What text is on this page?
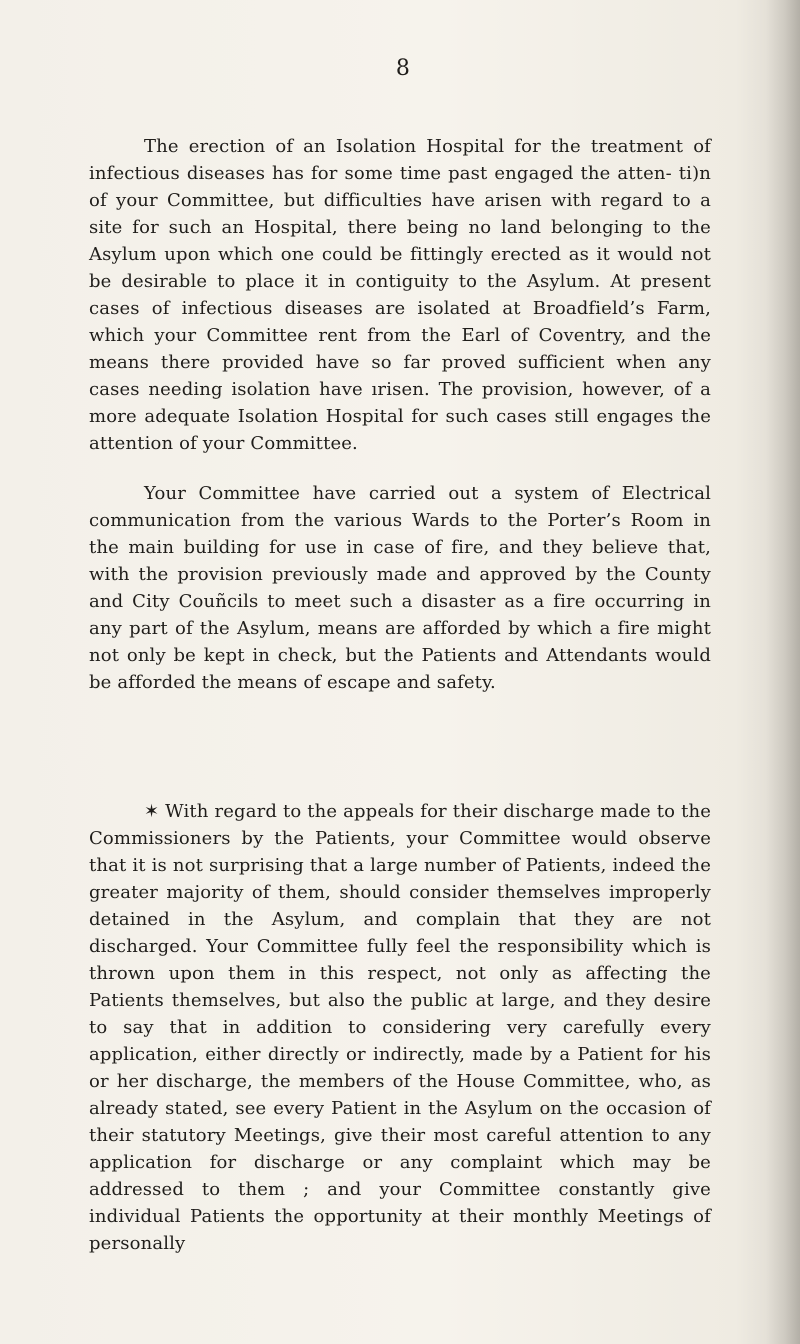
8

The erection of an Isolation Hospital for the treatment of infectious diseases has for some time past engaged the atten- ti)n of your Committee, but difficulties have arisen with regard to a site for such an Hospital, there being no land belonging to the Asylum upon which one could be fittingly erected as it would not be desirable to place it in contiguity to the Asylum. At present cases of infectious diseases are isolated at Broadfield’s Farm, which your Committee rent from the Earl of Coventry, and the means there provided have so far proved sufficient when any cases needing isolation have ırisen. The provision, however, of a more adequate Isolation Hospital for such cases still engages the attention of your Committee.

Your Committee have carried out a system of Electrical communication from the various Wards to the Porter’s Room in the main building for use in case of fire, and they believe that, with the provision previously made and approved by the County and City Couñcils to meet such a disaster as a fire occurring in any part of the Asylum, means are afforded by which a fire might not only be kept in check, but the Patients and Attendants would be afforded the means of escape and safety.

✶ With regard to the appeals for their discharge made to the Commissioners by the Patients, your Committee would observe that it is not surprising that a large number of Patients, indeed the greater majority of them, should consider themselves improperly detained in the Asylum, and complain that they are not discharged. Your Committee fully feel the responsibility which is thrown upon them in this respect, not only as affecting the Patients themselves, but also the public at large, and they desire to say that in addition to considering very carefully every application, either directly or indirectly, made by a Patient for his or her discharge, the members of the House Committee, who, as already stated, see every Patient in the Asylum on the occasion of their statutory Meetings, give their most careful attention to any application for discharge or any complaint which may be addressed to them ; and your Committee constantly give individual Patients the opportunity at their monthly Meetings of personally
